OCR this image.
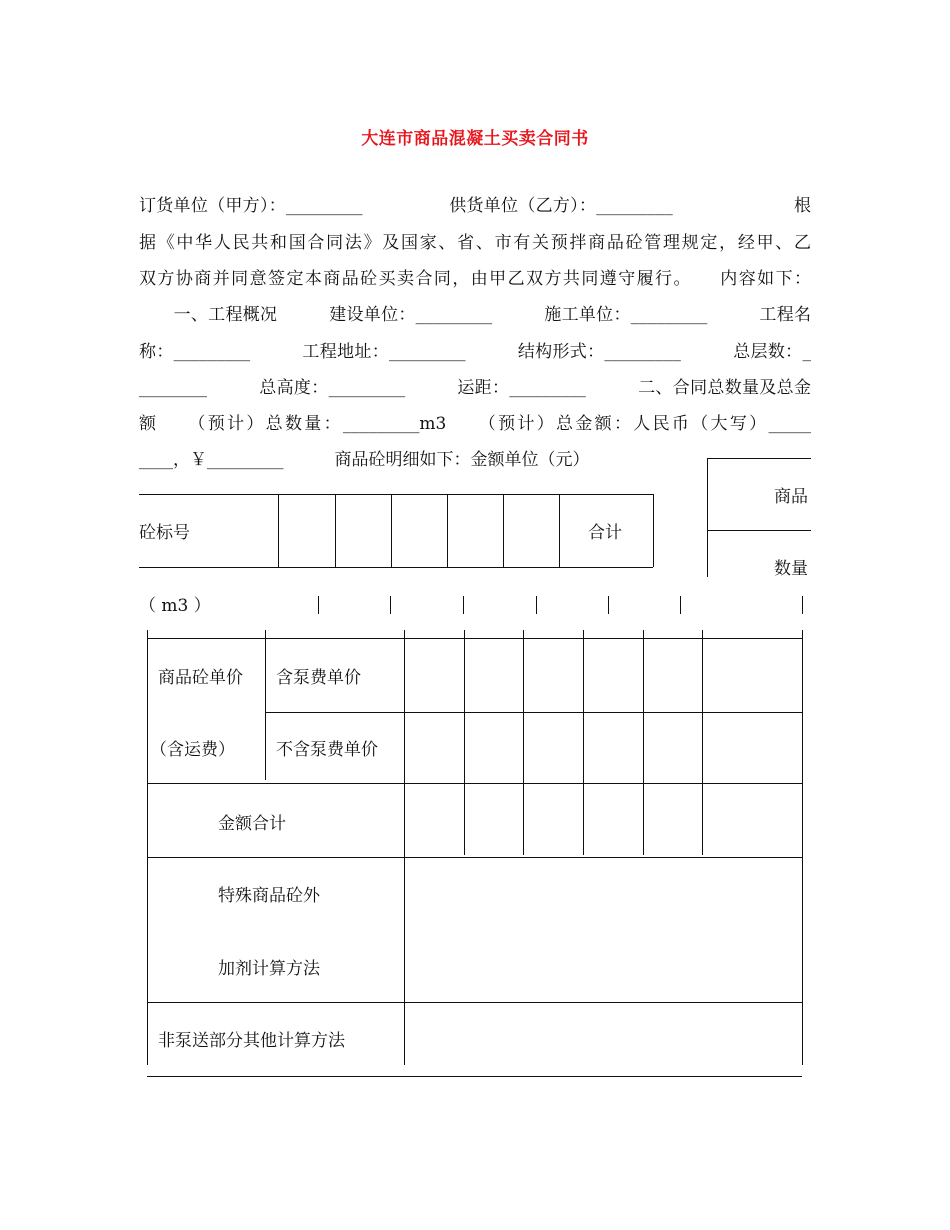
大连市商品混凝土买卖合同书
订货单位（甲方）：_________　　　　　供货单位（乙方）：_________　　　　　　　根
据《中华人民共和国合同法》及国家、省、市有关预拌商品砼管理规定，经甲、乙
双方协商并同意签定本商品砼买卖合同，由甲乙双方共同遵守履行。　　内容如下：
　　一、工程概况　　　建设单位：_________　　　施工单位：_________　　　工程名
称：_________　　　工程地址：_________　　　结构形式：_________　　　总层数：_
________　　　总高度：_________　　　运距：_________　　　二、合同总数量及总金
额　　（预计）总数量：_________m3　　（预计）总金额：人民币（大写）_____
____，￥_________　　　商品砼明细如下：金额单位（元）
商品
数量
砼标号	合计
（ m3 ）
商品砼单价 含泵费单价
（含运费） 不含泵费单价
金额合计
特殊商品砼外
加剂计算方法
非泵送部分其他计算方法
